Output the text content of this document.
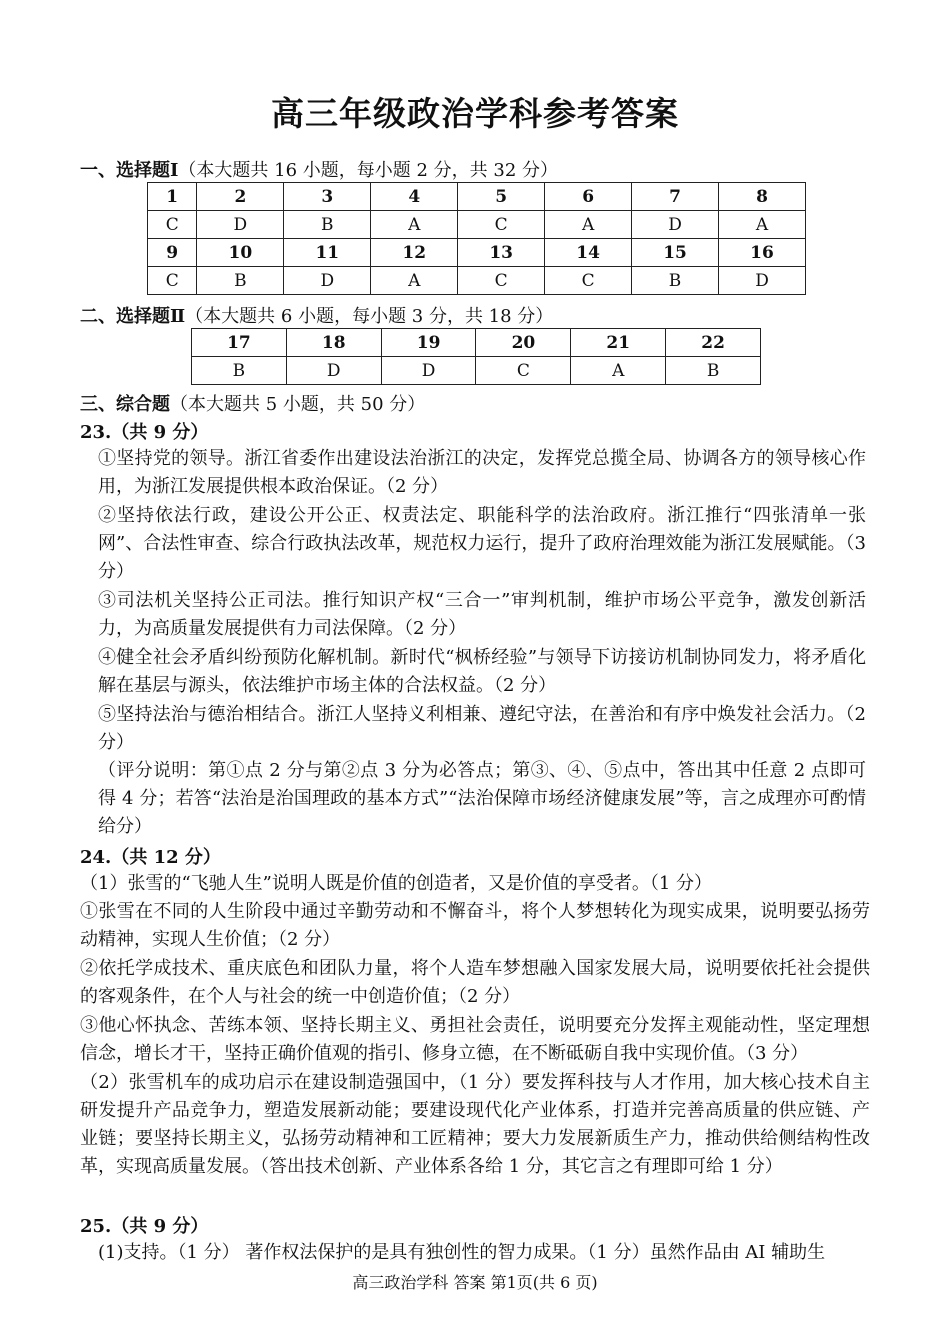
高三年级政治学科参考答案
一、选择题Ⅰ（本大题共 16 小题，每小题 2 分，共 32 分）
1	2	3	4	5	6	7	8
C	D	B	A	C	A	D	A
9	10	11	12	13	14	15	16
C	B	D	A	C	C	B	D
二、选择题Ⅱ（本大题共 6 小题，每小题 3 分，共 18 分）
17	18	19	20	21	22
B	D	D	C	A	B
三、综合题（本大题共 5 小题，共 50 分）
23.（共 9 分）
①坚持党的领导。浙江省委作出建设法治浙江的决定，发挥党总揽全局、协调各方的领导核心作用，为浙江发展提供根本政治保证。（2 分）
②坚持依法行政，建设公开公正、权责法定、职能科学的法治政府。浙江推行“四张清单一张网”、合法性审查、综合行政执法改革，规范权力运行，提升了政府治理效能为浙江发展赋能。（3 分）
③司法机关坚持公正司法。推行知识产权“三合一”审判机制，维护市场公平竞争，激发创新活力，为高质量发展提供有力司法保障。（2 分）
④健全社会矛盾纠纷预防化解机制。新时代“枫桥经验”与领导下访接访机制协同发力，将矛盾化解在基层与源头，依法维护市场主体的合法权益。（2 分）
⑤坚持法治与德治相结合。浙江人坚持义利相兼、遵纪守法，在善治和有序中焕发社会活力。（2 分）
（评分说明：第①点 2 分与第②点 3 分为必答点；第③、④、⑤点中，答出其中任意 2 点即可得 4 分；若答“法治是治国理政的基本方式”“法治保障市场经济健康发展”等，言之成理亦可酌情给分）
24.（共 12 分）
（1）张雪的“飞驰人生”说明人既是价值的创造者，又是价值的享受者。（1 分）
①张雪在不同的人生阶段中通过辛勤劳动和不懈奋斗，将个人梦想转化为现实成果，说明要弘扬劳动精神，实现人生价值；（2 分）
②依托学成技术、重庆底色和团队力量，将个人造车梦想融入国家发展大局，说明要依托社会提供的客观条件，在个人与社会的统一中创造价值；（2 分）
③他心怀执念、苦练本领、坚持长期主义、勇担社会责任，说明要充分发挥主观能动性，坚定理想信念，增长才干，坚持正确价值观的指引、修身立德，在不断砥砺自我中实现价值。（3 分）
（2）张雪机车的成功启示在建设制造强国中，（1 分）要发挥科技与人才作用，加大核心技术自主研发提升产品竞争力，塑造发展新动能；要建设现代化产业体系，打造并完善高质量的供应链、产业链；要坚持长期主义，弘扬劳动精神和工匠精神；要大力发展新质生产力，推动供给侧结构性改革，实现高质量发展。（答出技术创新、产业体系各给 1 分，其它言之有理即可给 1 分）
25.（共 9 分）
(1)支持。（1 分） 著作权法保护的是具有独创性的智力成果。（1 分）虽然作品由 AI 辅助生
高三政治学科 答案 第1页(共 6 页)
